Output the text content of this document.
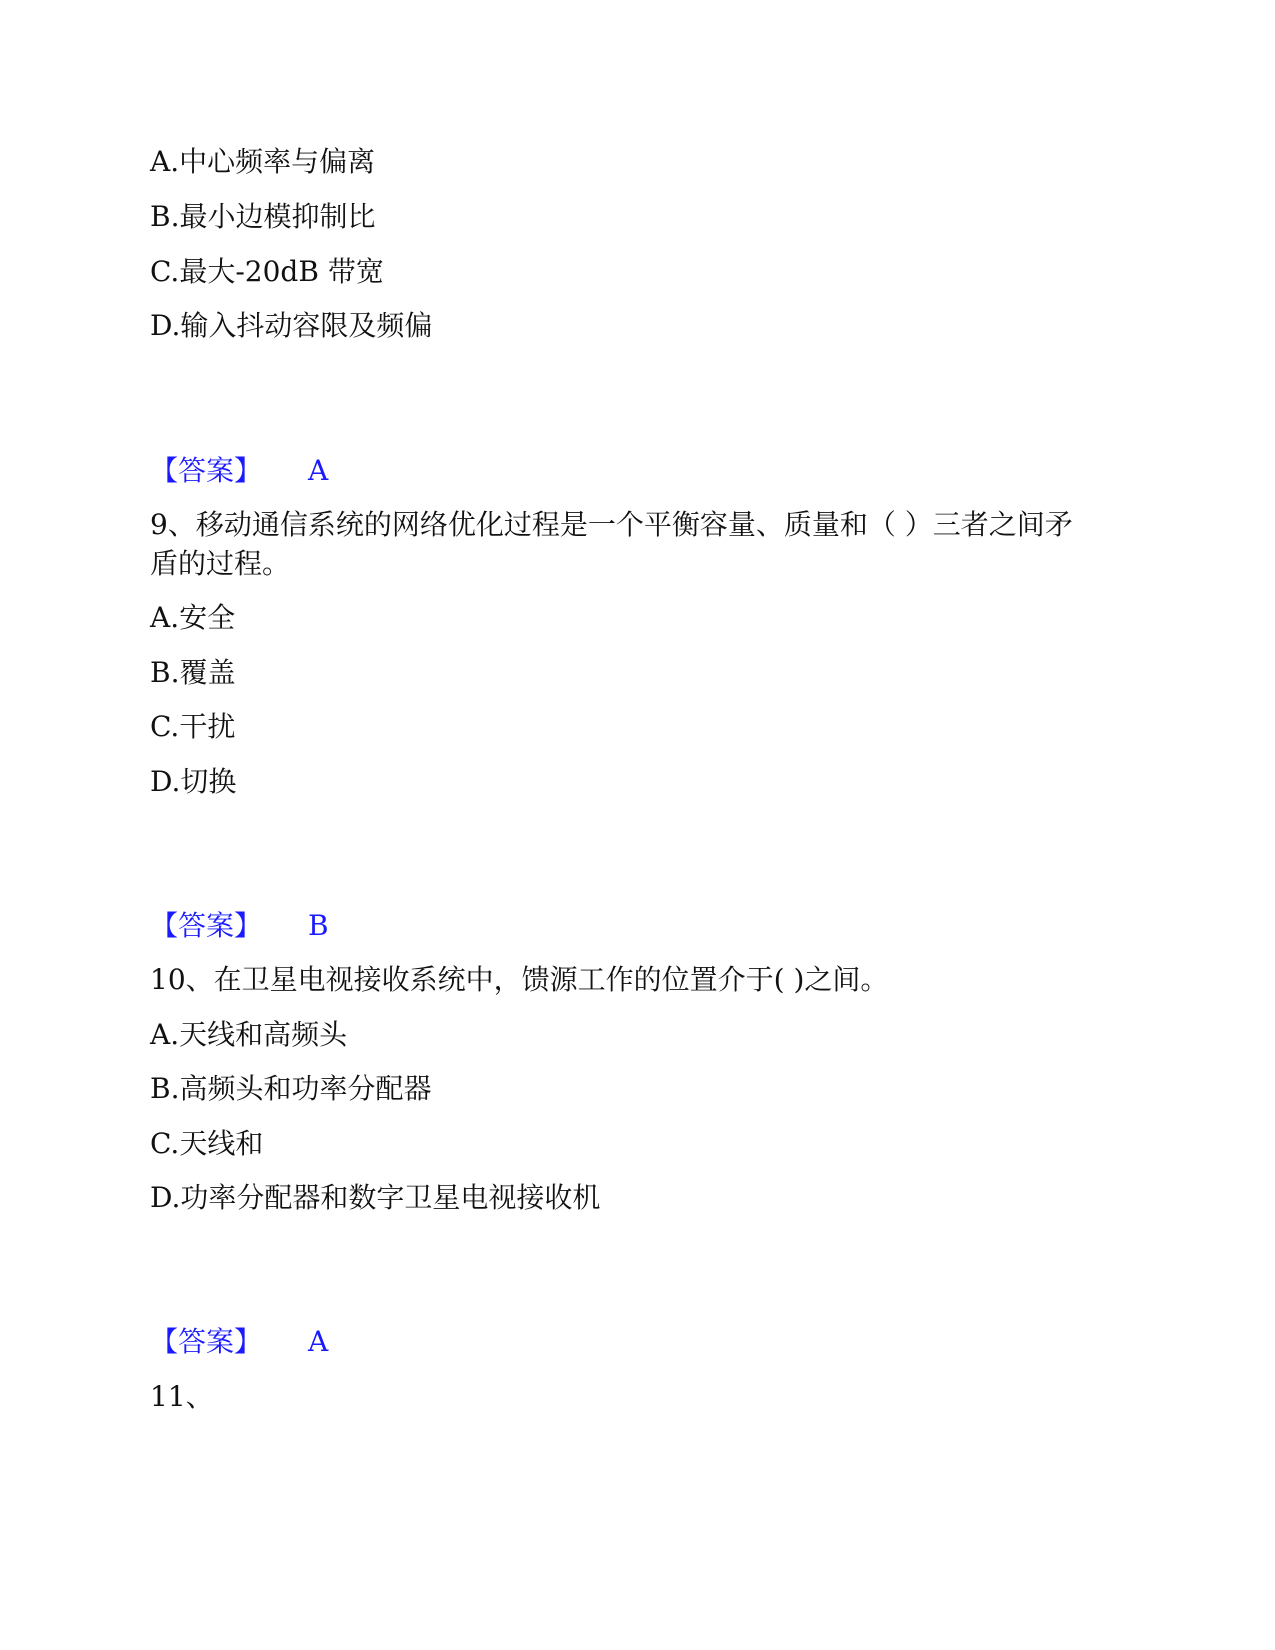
A.中心频率与偏离
B.最小边模抑制比
C.最大-20dB 带宽
D.输入抖动容限及频偏
【答案】 A
9、移动通信系统的网络优化过程是一个平衡容量、质量和（ ）三者之间矛
盾的过程。
A.安全
B.覆盖
C.干扰
D.切换
【答案】 B
10、在卫星电视接收系统中，馈源工作的位置介于( )之间。
A.天线和高频头
B.高频头和功率分配器
C.天线和
D.功率分配器和数字卫星电视接收机
【答案】 A
11、
